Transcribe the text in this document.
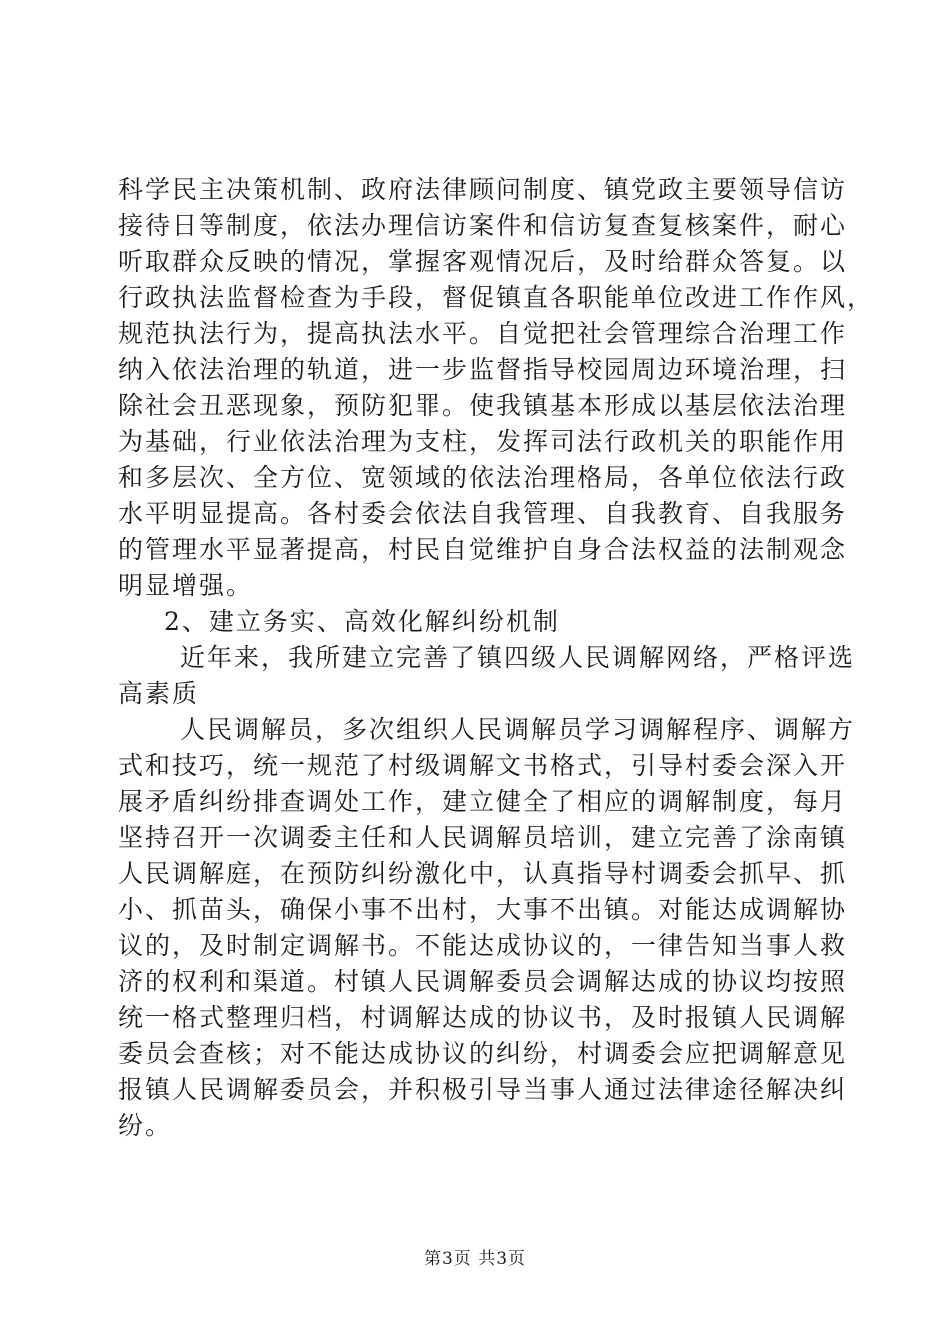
科学民主决策机制、政府法律顾问制度、镇党政主要领导信访
接待日等制度，依法办理信访案件和信访复查复核案件，耐心
听取群众反映的情况，掌握客观情况后，及时给群众答复。以
行政执法监督检查为手段，督促镇直各职能单位改进工作作风，
规范执法行为，提高执法水平。自觉把社会管理综合治理工作
纳入依法治理的轨道，进一步监督指导校园周边环境治理，扫
除社会丑恶现象，预防犯罪。使我镇基本形成以基层依法治理
为基础，行业依法治理为支柱，发挥司法行政机关的职能作用
和多层次、全方位、宽领域的依法治理格局，各单位依法行政
水平明显提高。各村委会依法自我管理、自我教育、自我服务
的管理水平显著提高，村民自觉维护自身合法权益的法制观念
明显增强。
2、建立务实、高效化解纠纷机制
近年来，我所建立完善了镇四级人民调解网络，严格评选
高素质
人民调解员，多次组织人民调解员学习调解程序、调解方
式和技巧，统一规范了村级调解文书格式，引导村委会深入开
展矛盾纠纷排查调处工作，建立健全了相应的调解制度，每月
坚持召开一次调委主任和人民调解员培训，建立完善了涂南镇
人民调解庭，在预防纠纷激化中，认真指导村调委会抓早、抓
小、抓苗头，确保小事不出村，大事不出镇。对能达成调解协
议的，及时制定调解书。不能达成协议的，一律告知当事人救
济的权利和渠道。村镇人民调解委员会调解达成的协议均按照
统一格式整理归档，村调解达成的协议书，及时报镇人民调解
委员会查核；对不能达成协议的纠纷，村调委会应把调解意见
报镇人民调解委员会，并积极引导当事人通过法律途径解决纠
纷。
第3页 共3页
